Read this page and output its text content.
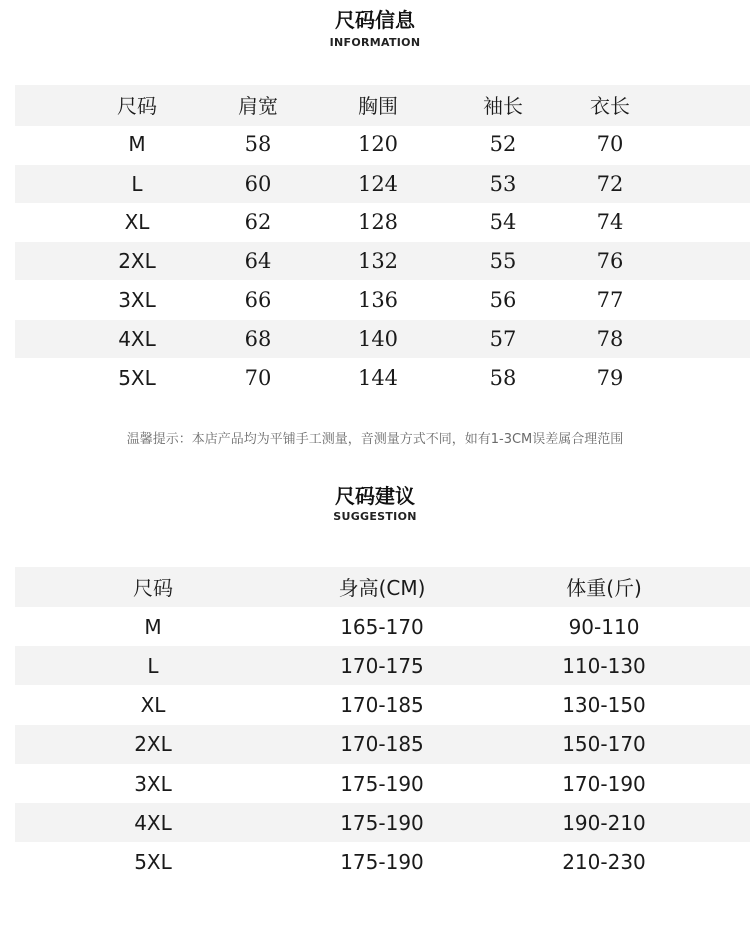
尺码信息
INFORMATION
尺码	肩宽	胸围	袖长	衣长
M	58	120	52	70
L	60	124	53	72
XL	62	128	54	74
2XL	64	132	55	76
3XL	66	136	56	77
4XL	68	140	57	78
5XL	70	144	58	79
温馨提示：本店产品均为平铺手工测量，音测量方式不同，如有1-3CM误差属合理范围
尺码建议
SUGGESTION
尺码	身高(CM)	体重(斤)
M	165-170	90-110
L	170-175	110-130
XL	170-185	130-150
2XL	170-185	150-170
3XL	175-190	170-190
4XL	175-190	190-210
5XL	175-190	210-230
